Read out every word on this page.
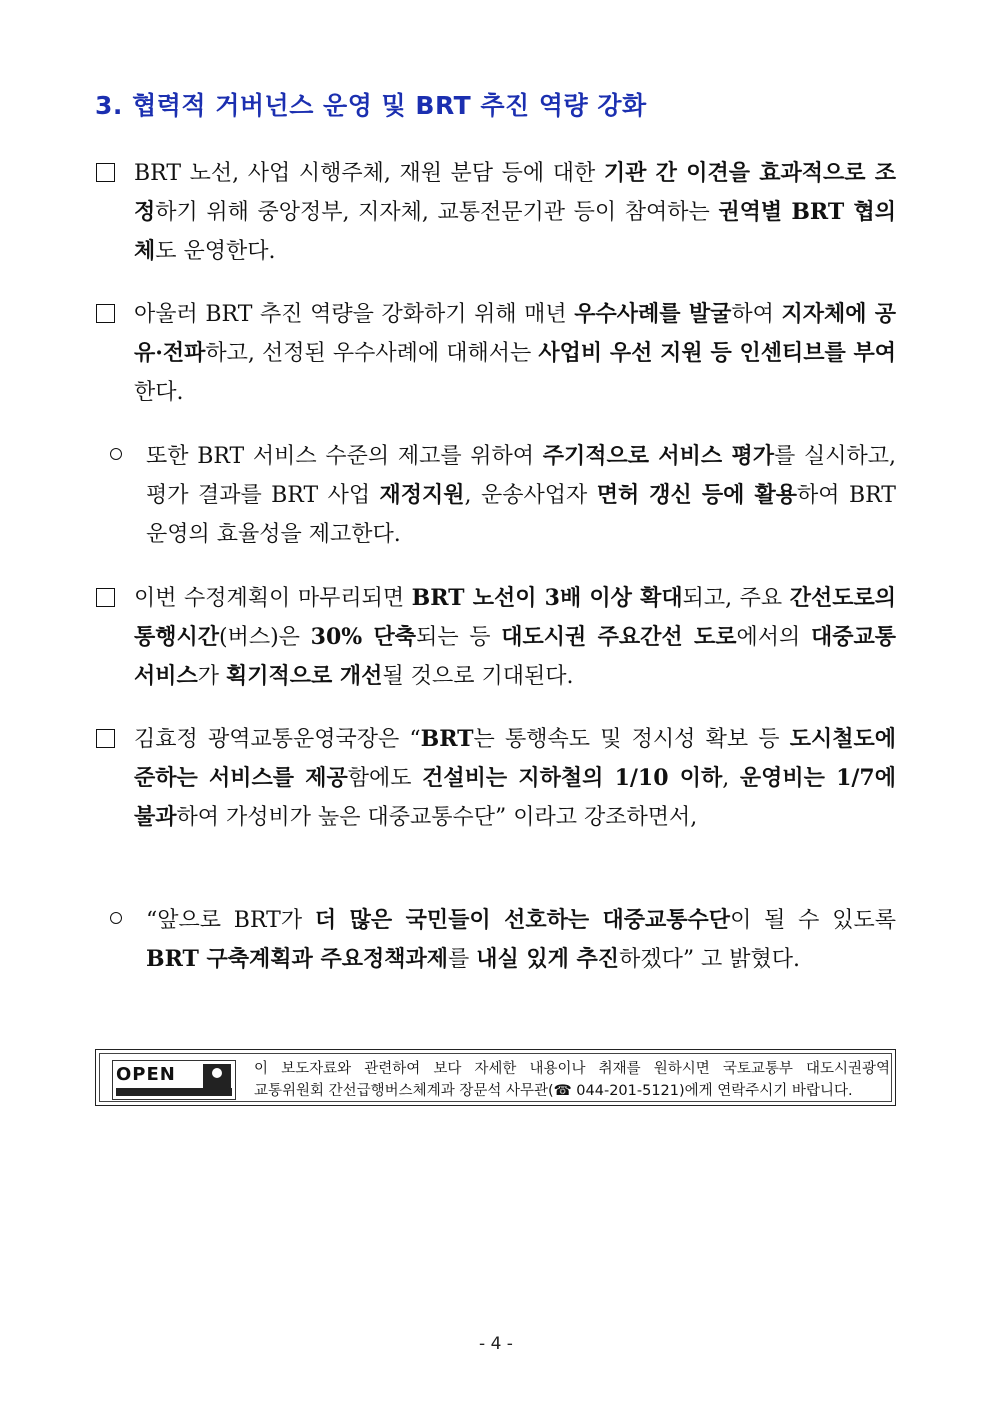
3. 협력적 거버넌스 운영 및 BRT 추진 역량 강화
BRT 노선, 사업 시행주체, 재원 분담 등에 대한 기관 간 이견을 효과적으로 조정하기 위해 중앙정부, 지자체, 교통전문기관 등이 참여하는 권역별 BRT 협의체도 운영한다.
아울러 BRT 추진 역량을 강화하기 위해 매년 우수사례를 발굴하여 지자체에 공유·전파하고, 선정된 우수사례에 대해서는 사업비 우선 지원 등 인센티브를 부여한다.
또한 BRT 서비스 수준의 제고를 위하여 주기적으로 서비스 평가를 실시하고, 평가 결과를 BRT 사업 재정지원, 운송사업자 면허 갱신 등에 활용하여 BRT 운영의 효율성을 제고한다.
이번 수정계획이 마무리되면 BRT 노선이 3배 이상 확대되고, 주요 간선도로의 통행시간(버스)은 30% 단축되는 등 대도시권 주요간선 도로에서의 대중교통 서비스가 획기적으로 개선될 것으로 기대된다.
김효정 광역교통운영국장은 “BRT는 통행속도 및 정시성 확보 등 도시철도에 준하는 서비스를 제공함에도 건설비는 지하철의 1/10 이하, 운영비는 1/7에 불과하여 가성비가 높은 대중교통수단” 이라고 강조하면서,
“앞으로 BRT가 더 많은 국민들이 선호하는 대중교통수단이 될 수 있도록 BRT 구축계획과 주요정책과제를 내실 있게 추진하겠다” 고 밝혔다.
OPEN	이 보도자료와 관련하여 보다 자세한 내용이나 취재를 원하시면 국토교통부 대도시권광역
교통위원회 간선급행버스체계과 장문석 사무관(☎ 044-201-5121)에게 연락주시기 바랍니다.
- 4 -
